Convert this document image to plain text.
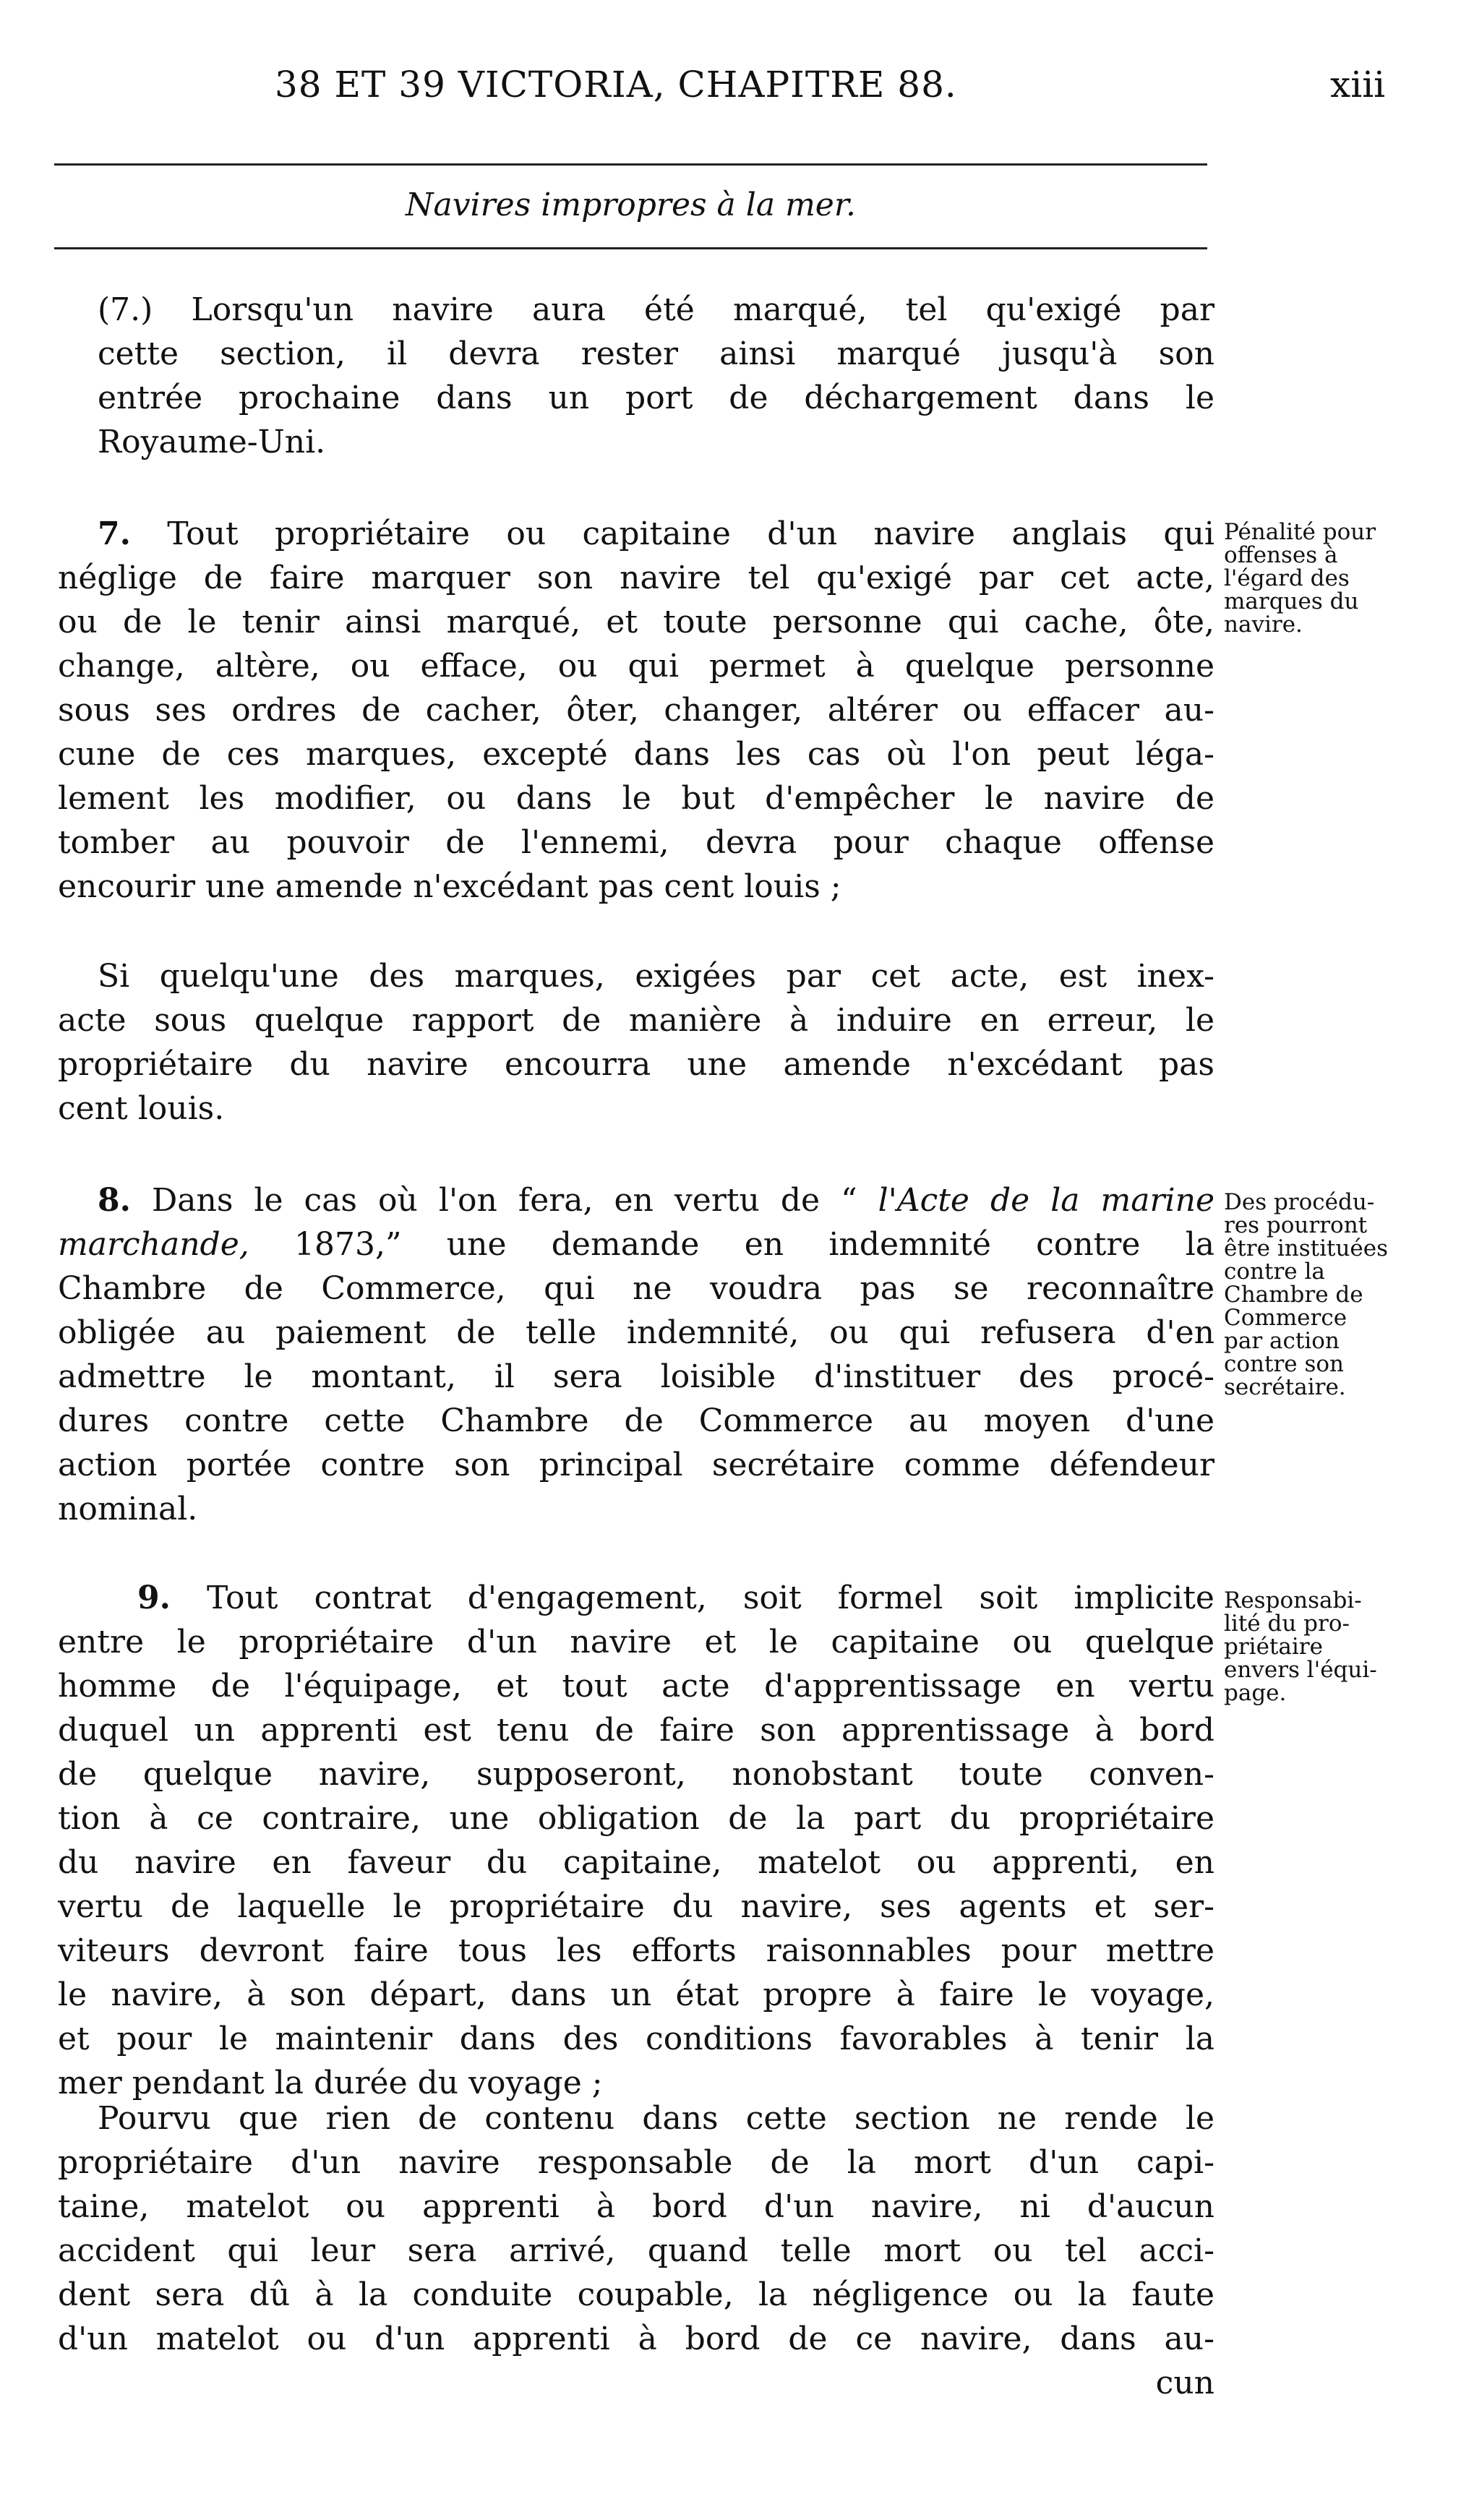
38 ET 39 VICTORIA, CHAPITRE 88.	xiii
Navires impropres à la mer.
(7.) Lorsqu'un navire aura été marqué, tel qu'exigé par
cette section, il devra rester ainsi marqué jusqu'à son
entrée prochaine dans un port de déchargement dans le
Royaume-Uni.
7. Tout propriétaire ou capitaine d'un navire anglais qui
néglige de faire marquer son navire tel qu'exigé par cet acte,
ou de le tenir ainsi marqué, et toute personne qui cache, ôte,
change, altère, ou efface, ou qui permet à quelque personne
sous ses ordres de cacher, ôter, changer, altérer ou effacer au-
cune de ces marques, excepté dans les cas où l'on peut léga-
lement les modifier, ou dans le but d'empêcher le navire de
tomber au pouvoir de l'ennemi, devra pour chaque offense
encourir une amende n'excédant pas cent louis ;
Si quelqu'une des marques, exigées par cet acte, est inex-
acte sous quelque rapport de manière à induire en erreur, le
propriétaire du navire encourra une amende n'excédant pas
cent louis.
8. Dans le cas où l'on fera, en vertu de “ l'Acte de la marine
marchande, 1873,” une demande en indemnité contre la
Chambre de Commerce, qui ne voudra pas se reconnaître
obligée au paiement de telle indemnité, ou qui refusera d'en
admettre le montant, il sera loisible d'instituer des procé-
dures contre cette Chambre de Commerce au moyen d'une
action portée contre son principal secrétaire comme défendeur
nominal.
9. Tout contrat d'engagement, soit formel soit implicite
entre le propriétaire d'un navire et le capitaine ou quelque
homme de l'équipage, et tout acte d'apprentissage en vertu
duquel un apprenti est tenu de faire son apprentissage à bord
de quelque navire, supposeront, nonobstant toute conven-
tion à ce contraire, une obligation de la part du propriétaire
du navire en faveur du capitaine, matelot ou apprenti, en
vertu de laquelle le propriétaire du navire, ses agents et ser-
viteurs devront faire tous les efforts raisonnables pour mettre
le navire, à son départ, dans un état propre à faire le voyage,
et pour le maintenir dans des conditions favorables à tenir la
mer pendant la durée du voyage ;
Pourvu que rien de contenu dans cette section ne rende le
propriétaire d'un navire responsable de la mort d'un capi-
taine, matelot ou apprenti à bord d'un navire, ni d'aucun
accident qui leur sera arrivé, quand telle mort ou tel acci-
dent sera dû à la conduite coupable, la négligence ou la faute
d'un matelot ou d'un apprenti à bord de ce navire, dans au-
cun
Pénalité pour
offenses à
l'égard des
marques du
navire.
Des procédu-
res pourront
être instituées
contre la
Chambre de
Commerce
par action
contre son
secrétaire.
Responsabi-
lité du pro-
priétaire
envers l'équi-
page.
